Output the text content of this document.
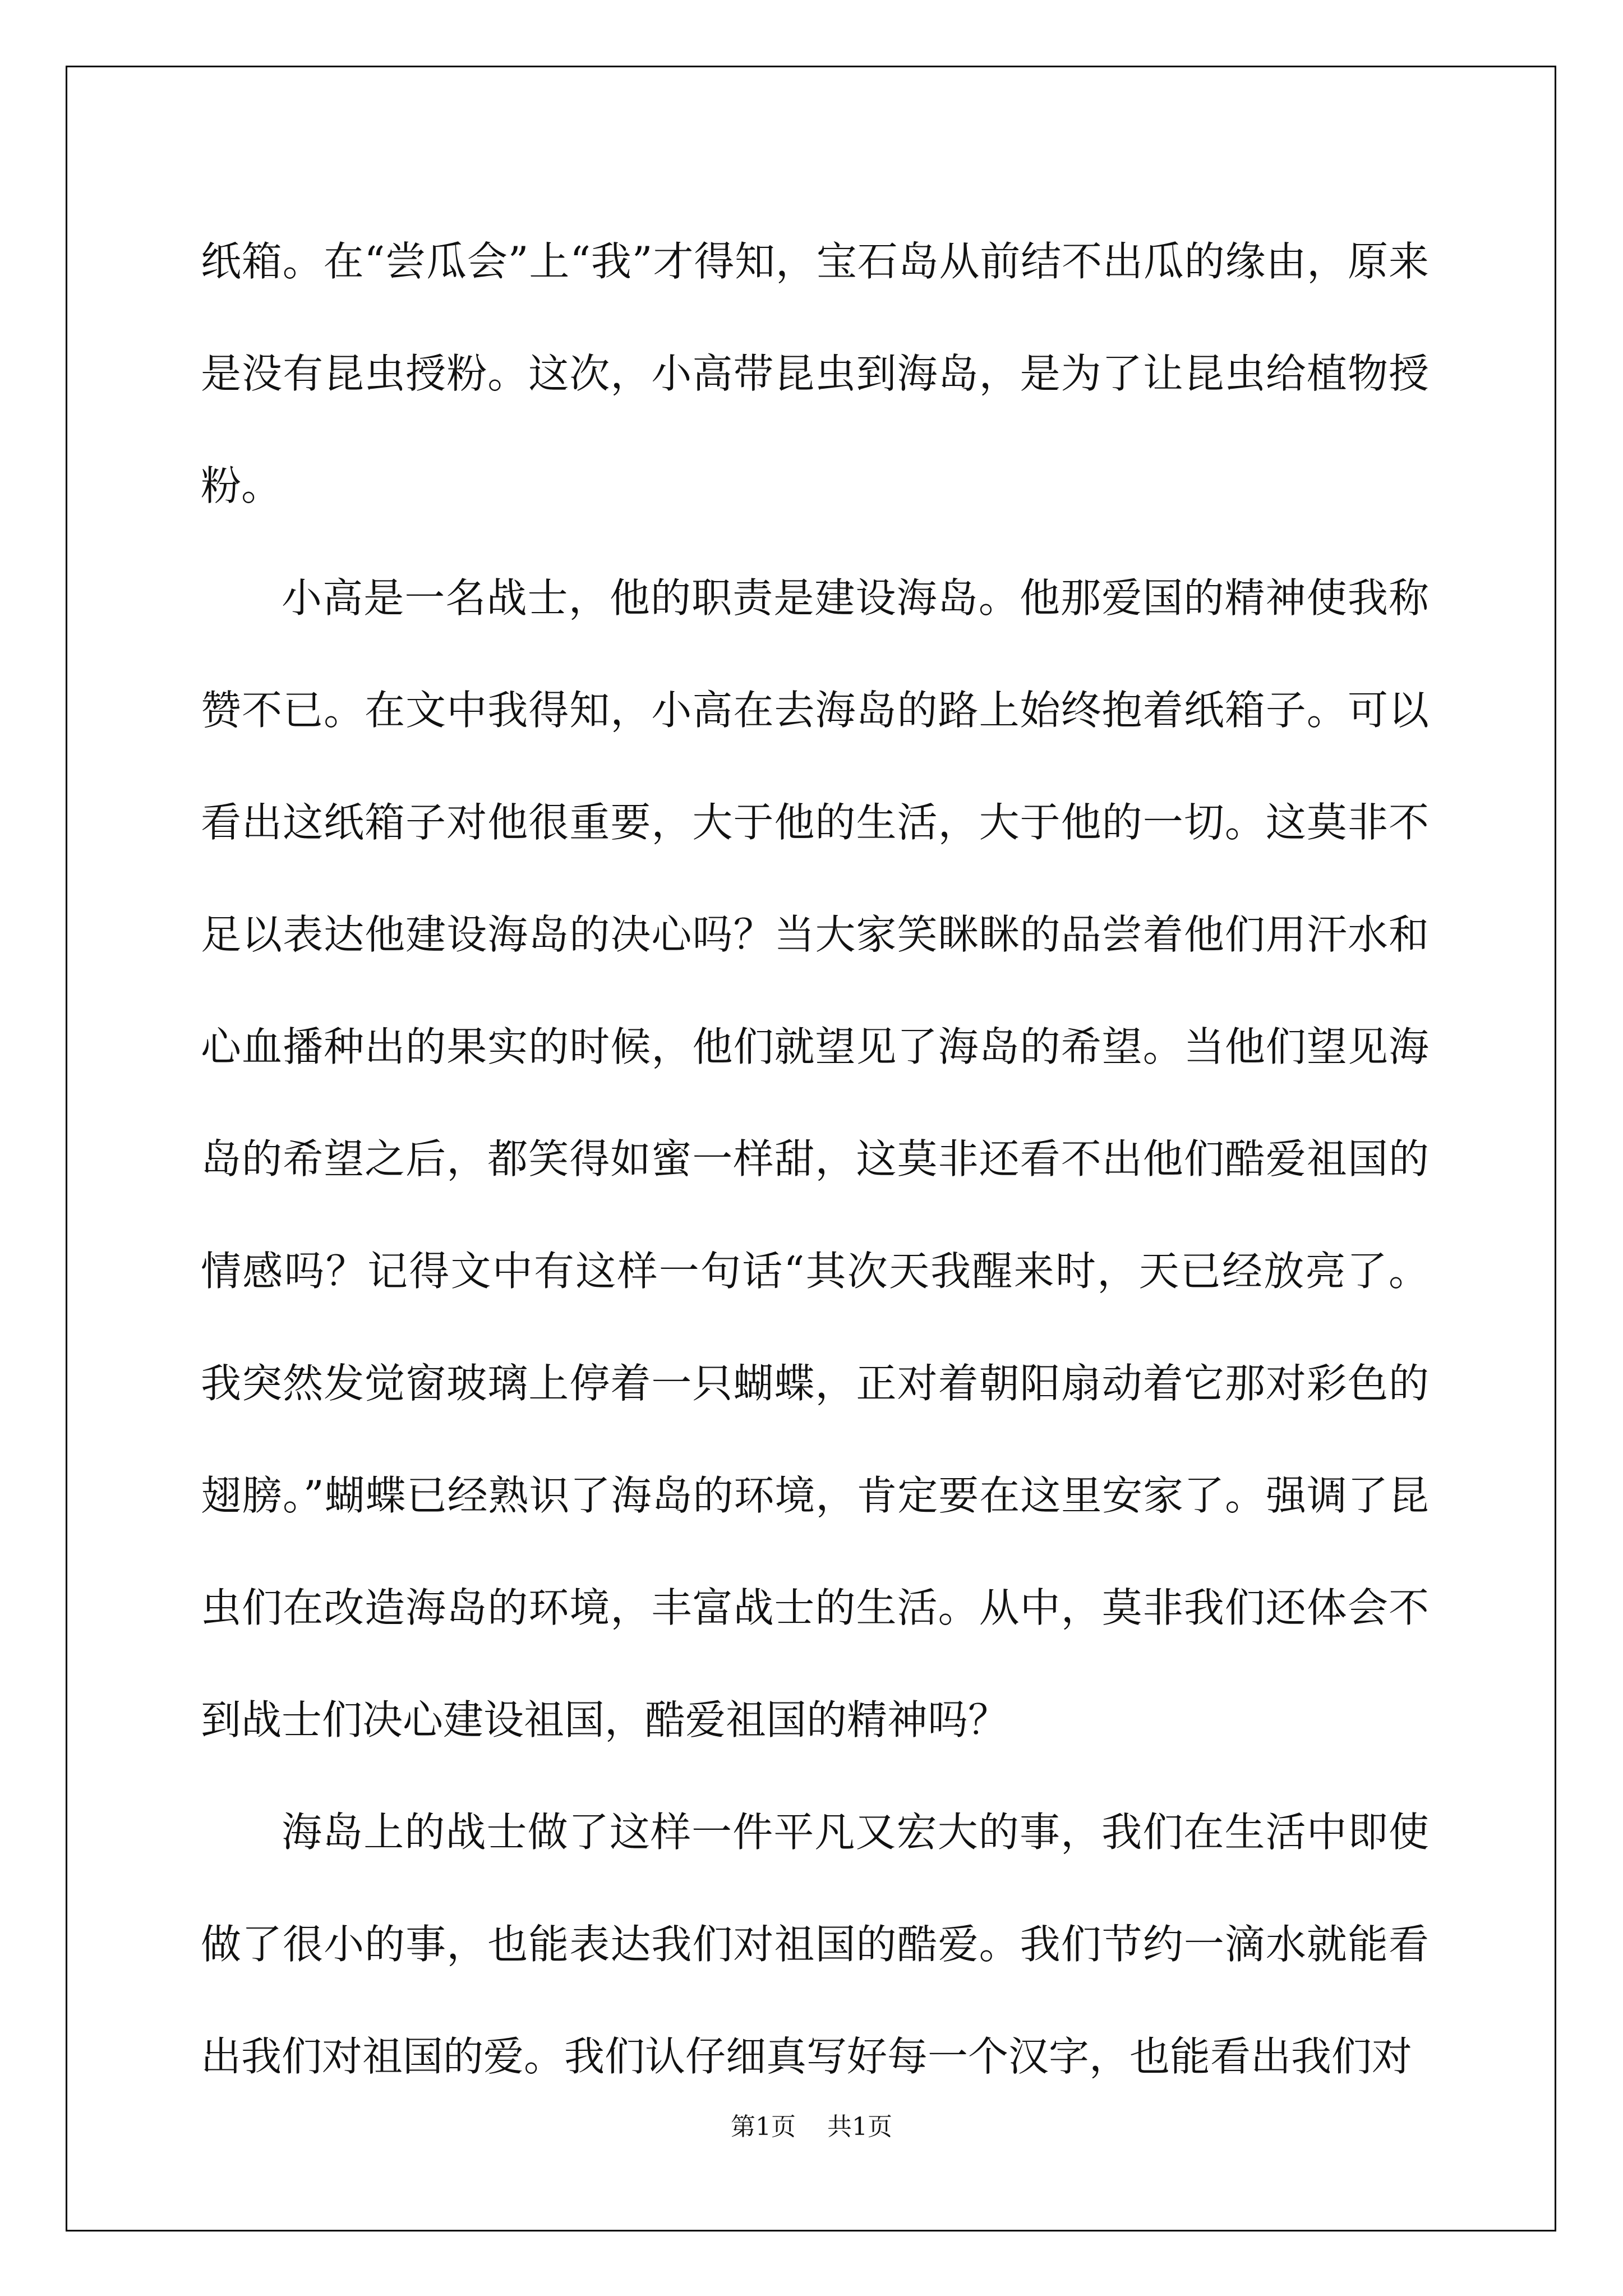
纸箱。在“尝瓜会”上“我”才得知，宝石岛从前结不出瓜的缘由，原来是没有昆虫授粉。这次，小高带昆虫到海岛，是为了让昆虫给植物授粉。

小高是一名战士，他的职责是建设海岛。他那爱国的精神使我称赞不已。在文中我得知，小高在去海岛的路上始终抱着纸箱子。可以看出这纸箱子对他很重要，大于他的生活，大于他的一切。这莫非不足以表达他建设海岛的决心吗？当大家笑眯眯的品尝着他们用汗水和心血播种出的果实的时候，他们就望见了海岛的希望。当他们望见海岛的希望之后，都笑得如蜜一样甜，这莫非还看不出他们酷爱祖国的情感吗？记得文中有这样一句话“其次天我醒来时，天已经放亮了。我突然发觉窗玻璃上停着一只蝴蝶，正对着朝阳扇动着它那对彩色的翅膀。”蝴蝶已经熟识了海岛的环境，肯定要在这里安家了。强调了昆虫们在改造海岛的环境，丰富战士的生活。从中，莫非我们还体会不到战士们决心建设祖国，酷爱祖国的精神吗？

海岛上的战士做了这样一件平凡又宏大的事，我们在生活中即使做了很小的事，也能表达我们对祖国的酷爱。我们节约一滴水就能看出我们对祖国的爱。我们认仔细真写好每一个汉字，也能看出我们对

第1页 共1页
